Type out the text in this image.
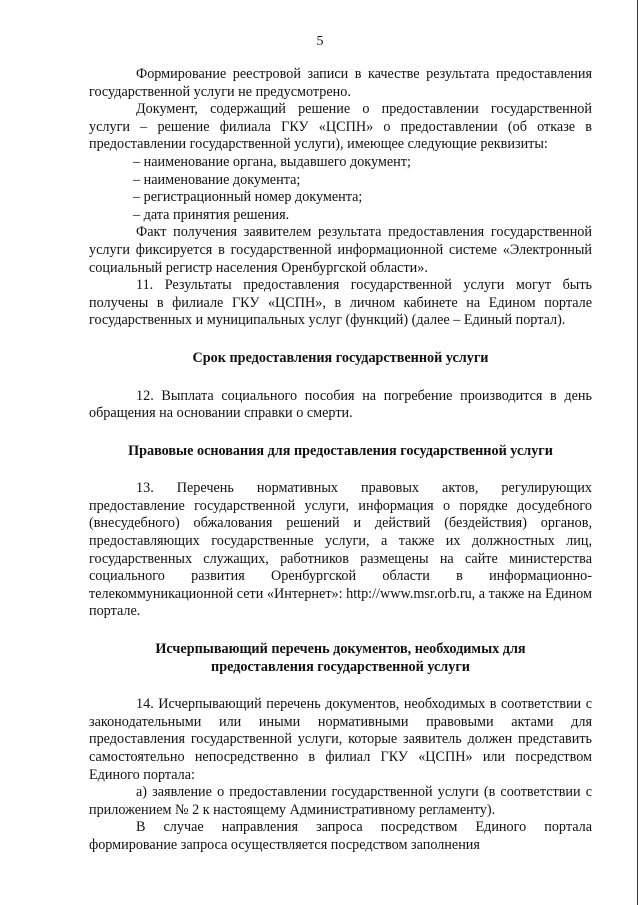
5

Формирование реестровой записи в качестве результата предоставления государственной услуги не предусмотрено.

Документ, содержащий решение о предоставлении государственной услуги – решение филиала ГКУ «ЦСПН» о предоставлении (об отказе в предоставлении государственной услуги), имеющее следующие реквизиты:

– наименование органа, выдавшего документ;
– наименование документа;
– регистрационный номер документа;
– дата принятия решения.

Факт получения заявителем результата предоставления государственной услуги фиксируется в государственной информационной системе «Электронный социальный регистр населения Оренбургской области».

11. Результаты предоставления государственной услуги могут быть получены в филиале ГКУ «ЦСПН», в личном кабинете на Едином портале государственных и муниципальных услуг (функций) (далее – Единый портал).

Срок предоставления государственной услуги

12. Выплата социального пособия на погребение производится в день обращения на основании справки о смерти.

Правовые основания для предоставления государственной услуги

13. Перечень нормативных правовых актов, регулирующих предоставление государственной услуги, информация о порядке досудебного (внесудебного) обжалования решений и действий (бездействия) органов, предоставляющих государственные услуги, а также их должностных лиц, государственных служащих, работников размещены на сайте министерства социального развития Оренбургской области в информационно-телекоммуникационной сети «Интернет»: http://www.msr.orb.ru, а также на Едином портале.

Исчерпывающий перечень документов, необходимых для
предоставления государственной услуги

14. Исчерпывающий перечень документов, необходимых в соответствии с законодательными или иными нормативными правовыми актами для предоставления государственной услуги, которые заявитель должен представить самостоятельно непосредственно в филиал ГКУ «ЦСПН» или посредством Единого портала:

а) заявление о предоставлении государственной услуги (в соответствии с приложением № 2 к настоящему Административному регламенту).

В случае направления запроса посредством Единого портала формирование запроса осуществляется посредством заполнения
